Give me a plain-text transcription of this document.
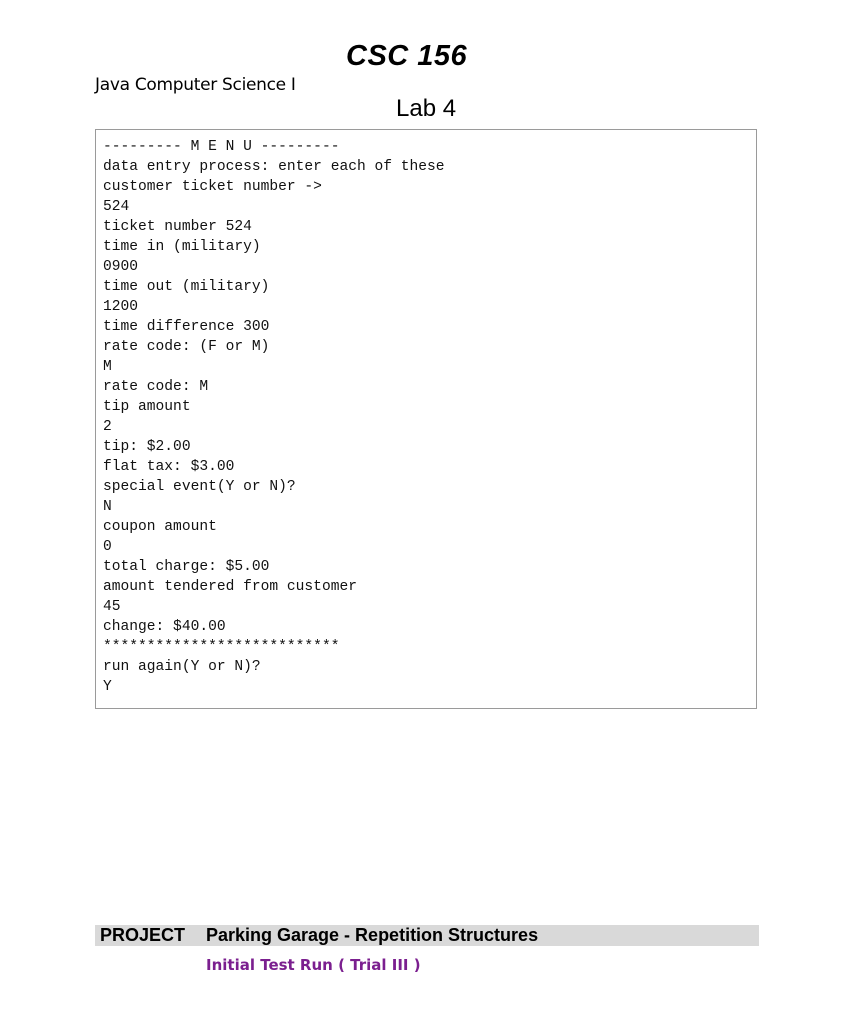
CSC 156
Java Computer Science I
Lab 4
--------- M E N U ---------
data entry process: enter each of these
customer ticket number ->
524
ticket number 524
time in (military)
0900
time out (military)
1200
time difference 300
rate code: (F or M)
M
rate code: M
tip amount
2
tip: $2.00
flat tax: $3.00
special event(Y or N)?
N
coupon amount
0
total charge: $5.00
amount tendered from customer
45
change: $40.00
***************************
run again(Y or N)?
Y
PROJECT Parking Garage - Repetition Structures
Initial Test Run ( Trial III )
